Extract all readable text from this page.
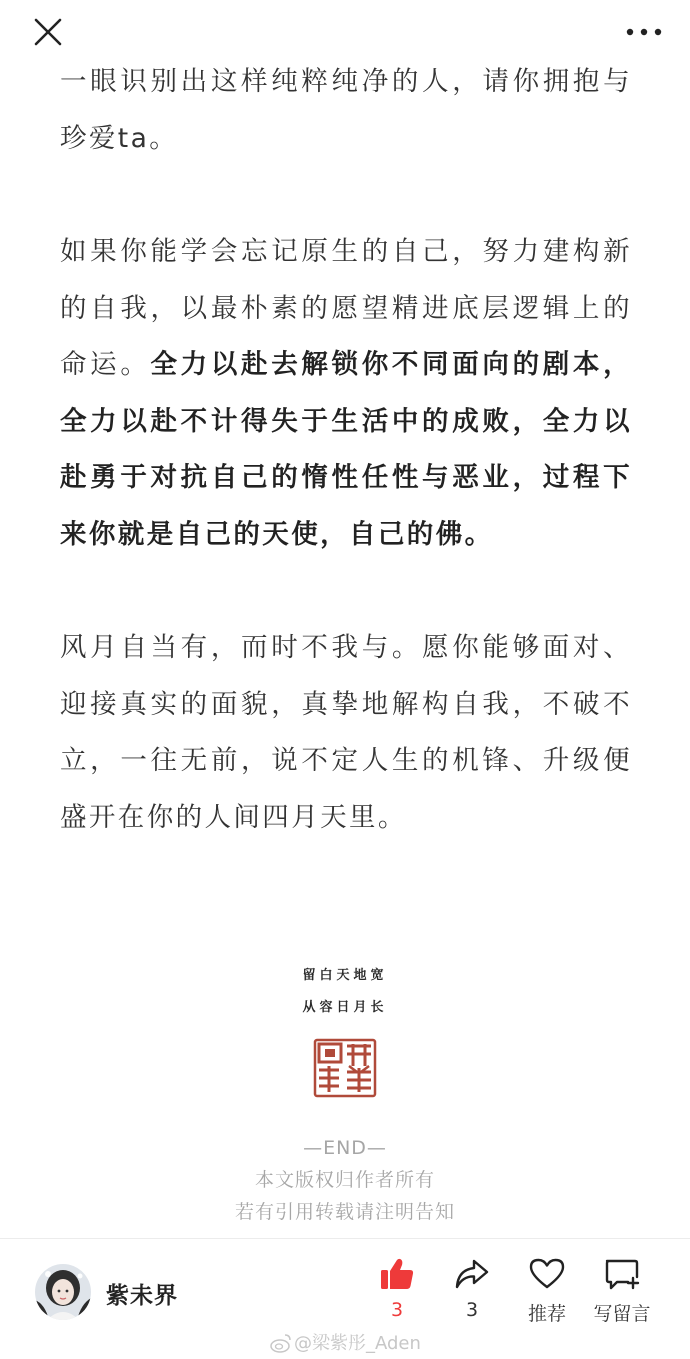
一眼识别出这样纯粹纯净的人，请你拥抱与珍爱ta。

如果你能学会忘记原生的自己，努力建构新的自我，以最朴素的愿望精进底层逻辑上的命运。全力以赴去解锁你不同面向的剧本，全力以赴不计得失于生活中的成败，全力以赴勇于对抗自己的惰性任性与恶业，过程下来你就是自己的天使，自己的佛。

风月自当有，而时不我与。愿你能够面对、迎接真实的面貌，真挚地解构自我，不破不立，一往无前，说不定人生的机锋、升级便盛开在你的人间四月天里。

留白天地宽
从容日月长
—END—
本文版权归作者所有
若有引用转载请注明告知
紫未界
3	3	推荐	写留言
@梁紫彤_Aden
